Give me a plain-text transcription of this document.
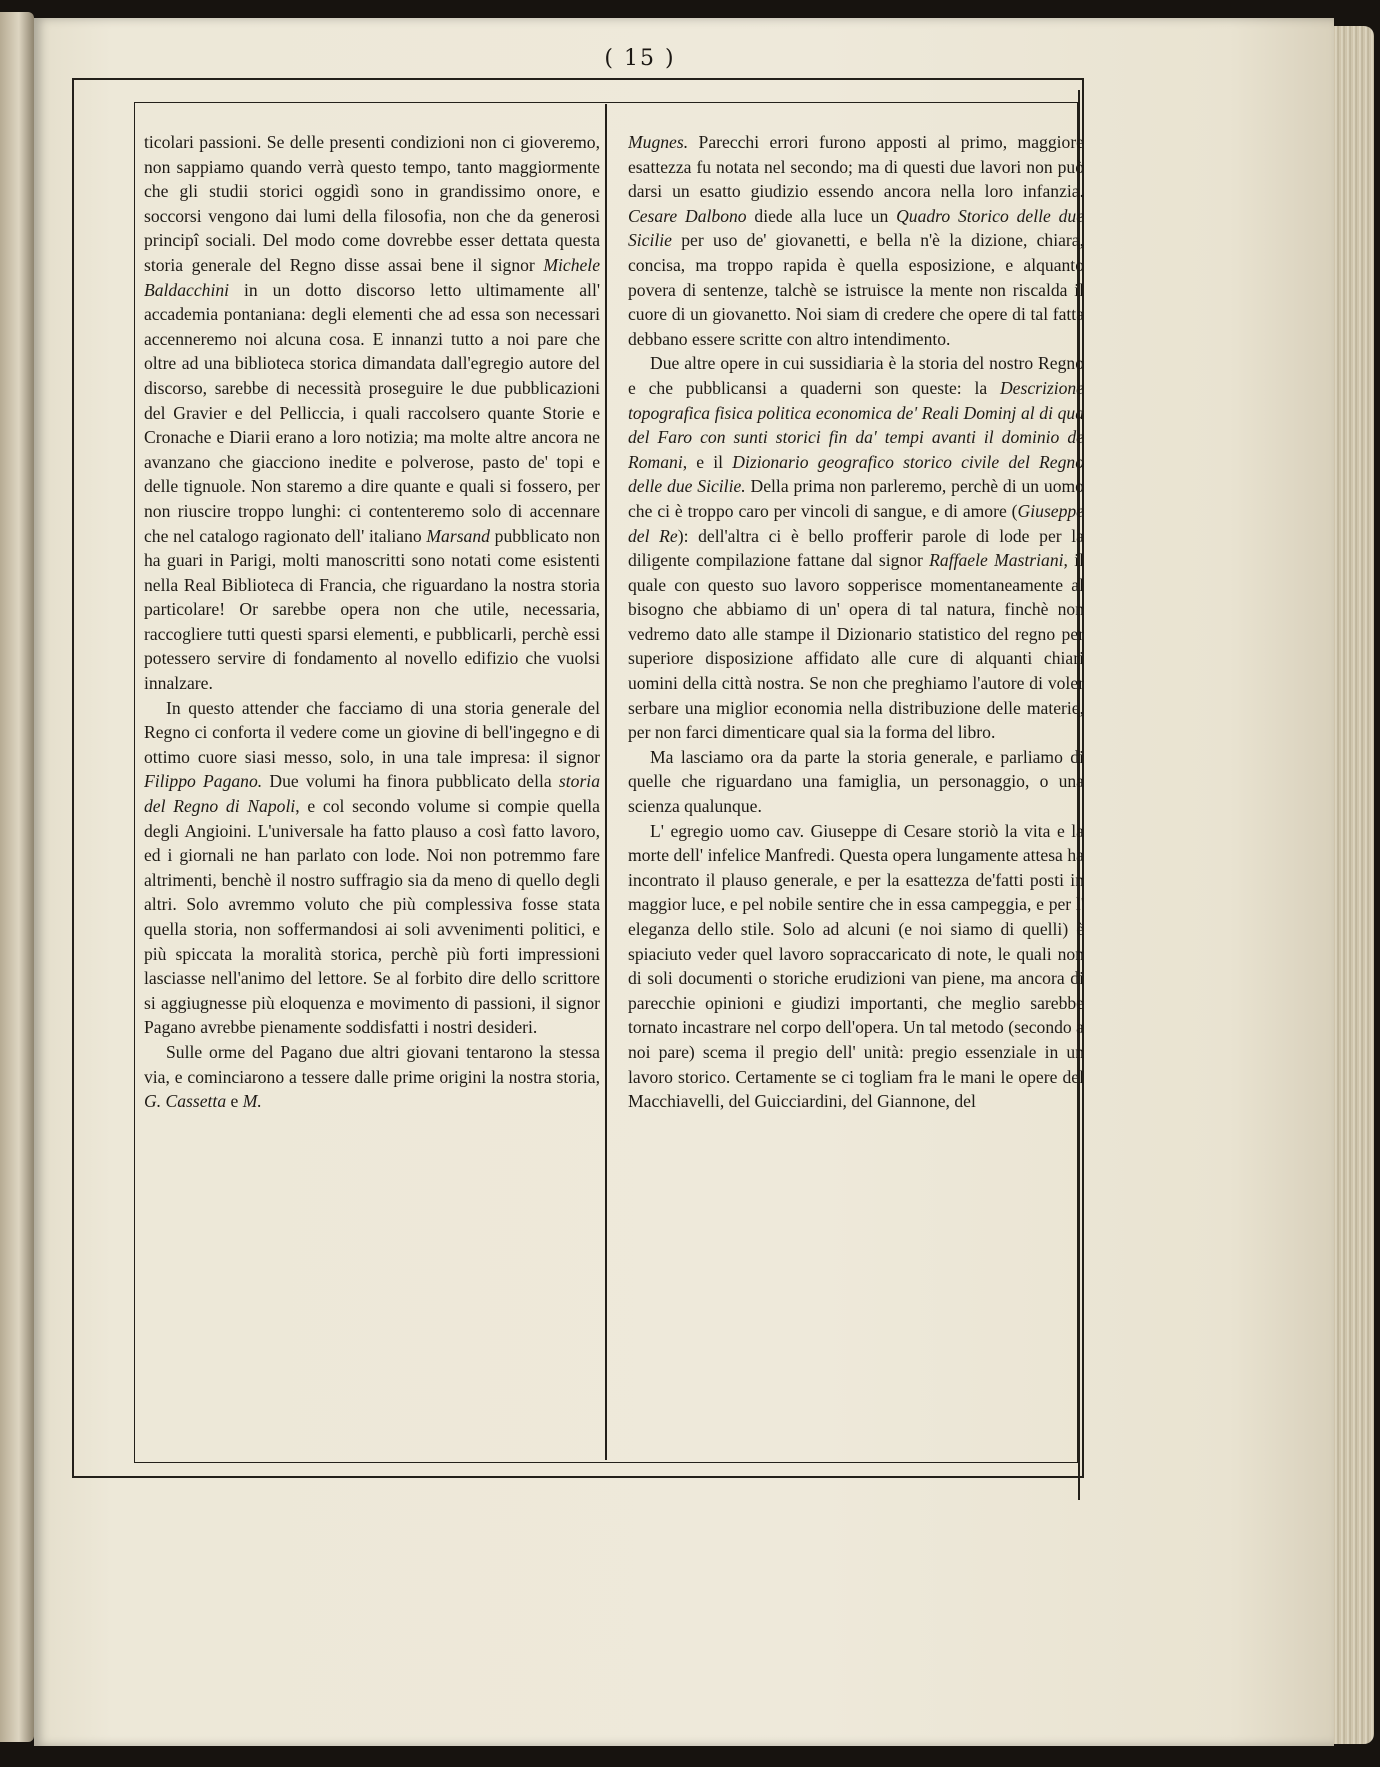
( 15 )

ticolari passioni. Se delle presenti condizioni non ci gioveremo, non sappiamo quando verrà questo tempo, tanto maggiormente che gli studii storici oggidì sono in grandissimo onore, e soccorsi vengono dai lumi della filosofia, non che da generosi principî sociali. Del modo come dovrebbe esser dettata questa storia generale del Regno disse assai bene il signor Michele Baldacchini in un dotto discorso letto ultimamente all' accademia pontaniana: degli elementi che ad essa son necessari accenneremo noi alcuna cosa. E innanzi tutto a noi pare che oltre ad una biblioteca storica dimandata dall'egregio autore del discorso, sarebbe di necessità proseguire le due pubblicazioni del Gravier e del Pelliccia, i quali raccolsero quante Storie e Cronache e Diarii erano a loro notizia; ma molte altre ancora ne avanzano che giacciono inedite e polverose, pasto de' topi e delle tignuole. Non staremo a dire quante e quali si fossero, per non riuscire troppo lunghi: ci contenteremo solo di accennare che nel catalogo ragionato dell' italiano Marsand pubblicato non ha guari in Parigi, molti manoscritti sono notati come esistenti nella Real Biblioteca di Francia, che riguardano la nostra storia particolare! Or sarebbe opera non che utile, necessaria, raccogliere tutti questi sparsi elementi, e pubblicarli, perchè essi potessero servire di fondamento al novello edifizio che vuolsi innalzare.

In questo attender che facciamo di una storia generale del Regno ci conforta il vedere come un giovine di bell'ingegno e di ottimo cuore siasi messo, solo, in una tale impresa: il signor Filippo Pagano. Due volumi ha finora pubblicato della storia del Regno di Napoli, e col secondo volume si compie quella degli Angioini. L'universale ha fatto plauso a così fatto lavoro, ed i giornali ne han parlato con lode. Noi non potremmo fare altrimenti, benchè il nostro suffragio sia da meno di quello degli altri. Solo avremmo voluto che più complessiva fosse stata quella storia, non soffermandosi ai soli avvenimenti politici, e più spiccata la moralità storica, perchè più forti impressioni lasciasse nell'animo del lettore. Se al forbito dire dello scrittore si aggiugnesse più eloquenza e movimento di passioni, il signor Pagano avrebbe pienamente soddisfatti i nostri desideri.

Sulle orme del Pagano due altri giovani tentarono la stessa via, e cominciarono a tessere dalle prime origini la nostra storia, G. Cassetta e M.

Mugnes. Parecchi errori furono apposti al primo, maggiore esattezza fu notata nel secondo; ma di questi due lavori non può darsi un esatto giudizio essendo ancora nella loro infanzia. Cesare Dalbono diede alla luce un Quadro Storico delle due Sicilie per uso de' giovanetti, e bella n'è la dizione, chiara, concisa, ma troppo rapida è quella esposizione, e alquanto povera di sentenze, talchè se istruisce la mente non riscalda il cuore di un giovanetto. Noi siam di credere che opere di tal fatta debbano essere scritte con altro intendimento.

Due altre opere in cui sussidiaria è la storia del nostro Regno e che pubblicansi a quaderni son queste: la Descrizione topografica fisica politica economica de' Reali Dominj al di qua del Faro con sunti storici fin da' tempi avanti il dominio de Romani, e il Dizionario geografico storico civile del Regno delle due Sicilie. Della prima non parleremo, perchè di un uomo che ci è troppo caro per vincoli di sangue, e di amore (Giuseppe del Re): dell'altra ci è bello profferir parole di lode per la diligente compilazione fattane dal signor Raffaele Mastriani, il quale con questo suo lavoro sopperisce momentaneamente al bisogno che abbiamo di un' opera di tal natura, finchè non vedremo dato alle stampe il Dizionario statistico del regno per superiore disposizione affidato alle cure di alquanti chiari uomini della città nostra. Se non che preghiamo l'autore di voler serbare una miglior economia nella distribuzione delle materie, per non farci dimenticare qual sia la forma del libro.

Ma lasciamo ora da parte la storia generale, e parliamo di quelle che riguardano una famiglia, un personaggio, o una scienza qualunque.

L' egregio uomo cav. Giuseppe di Cesare storiò la vita e la morte dell' infelice Manfredi. Questa opera lungamente attesa ha incontrato il plauso generale, e per la esattezza de'fatti posti in maggior luce, e pel nobile sentire che in essa campeggia, e per l' eleganza dello stile. Solo ad alcuni (e noi siamo di quelli) è spiaciuto veder quel lavoro sopraccaricato di note, le quali non di soli documenti o storiche erudizioni van piene, ma ancora di parecchie opinioni e giudizi importanti, che meglio sarebbe tornato incastrare nel corpo dell'opera. Un tal metodo (secondo a noi pare) scema il pregio dell' unità: pregio essenziale in un lavoro storico. Certamente se ci togliam fra le mani le opere del Macchiavelli, del Guicciardini, del Giannone, del
